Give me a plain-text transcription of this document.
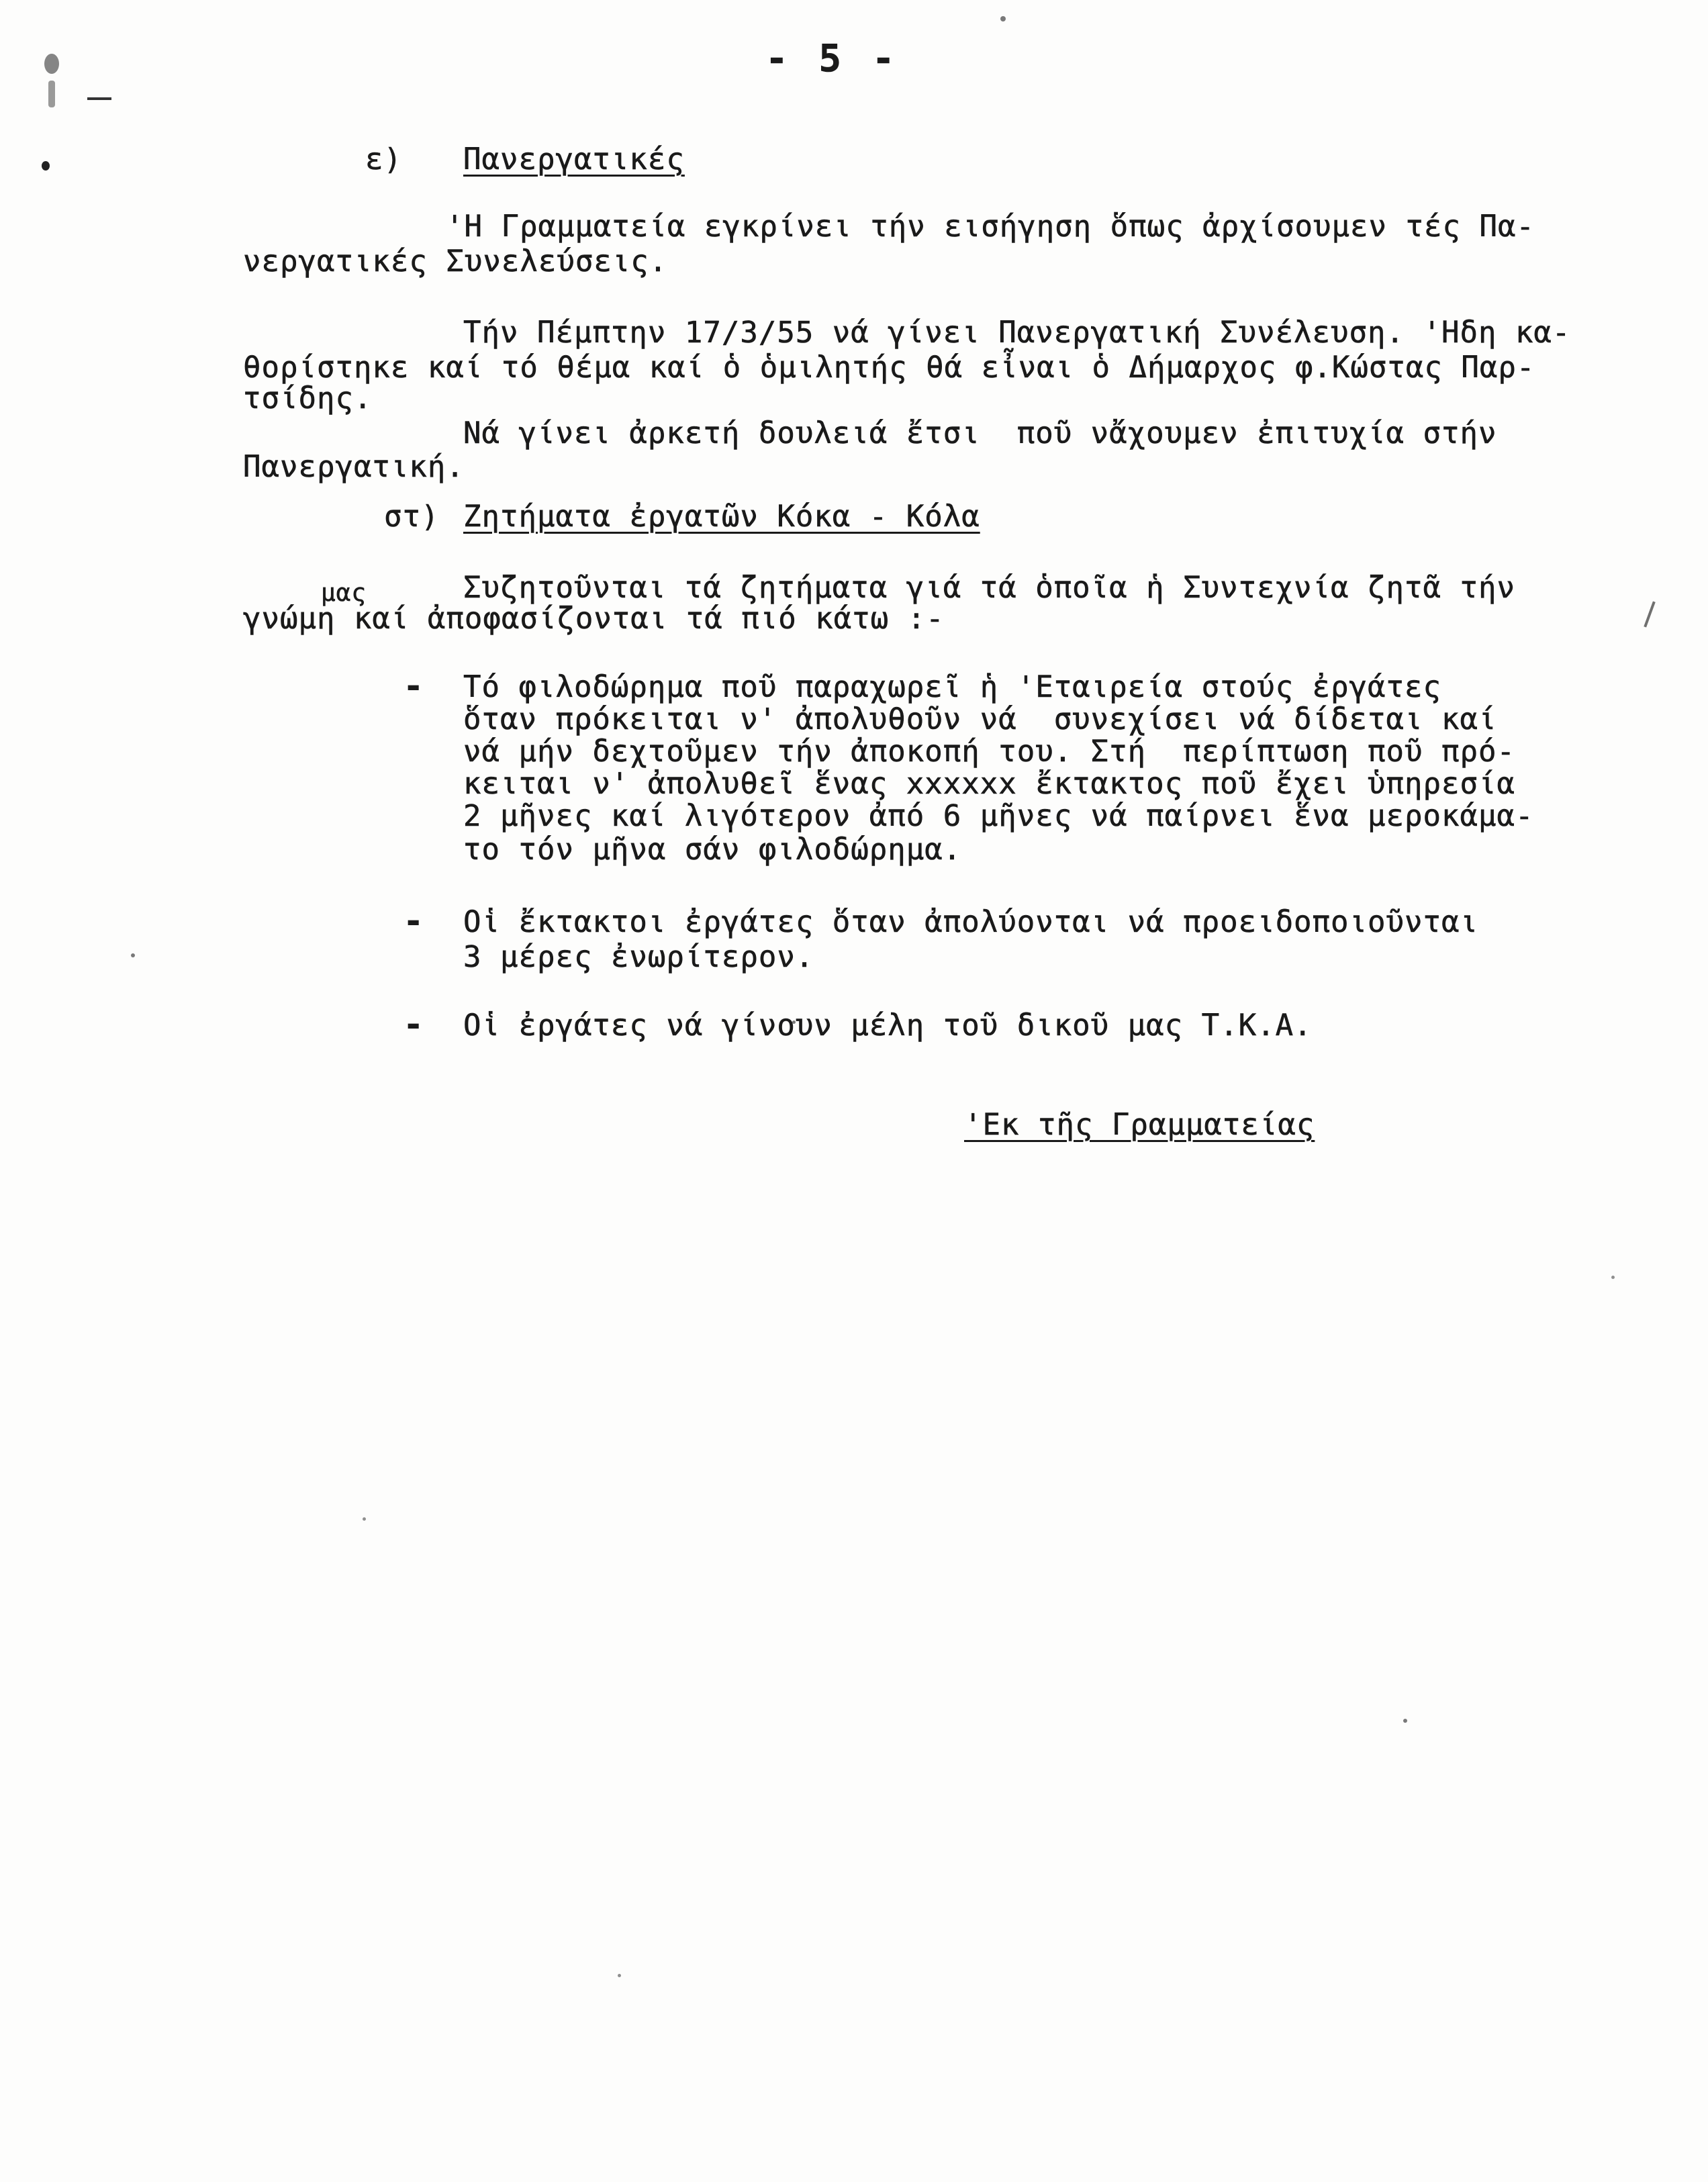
- 5 -
ε) Πανεργατικές
'Η Γραμματεία εγκρίνει τήν εισήγηση ὅπως ἀρχίσουμεν τές Πα-
νεργατικές Συνελεύσεις.
Τήν Πέμπτην 17/3/55 νά γίνει Πανεργατική Συνέλευση. 'Ηδη κα-
θορίστηκε καί τό θέμα καί ὁ ὁμιλητής θά εἶναι ὁ Δήμαρχος φ.Κώστας Παρ-
τσίδης.
Νά γίνει ἀρκετή δουλειά ἔτσι  ποῦ νἄχουμεν ἐπιτυχία στήν
Πανεργατική.
στ) Ζητήματα ἐργατῶν Κόκα - Κόλα
Συζητοῦνται τά ζητήματα γιά τά ὁποῖα ἡ Συντεχνία ζητᾶ τήν
μας
γνώμη καί ἀποφασίζονται τά πιό κάτω :-
- Τό φιλοδώρημα ποῦ παραχωρεῖ ἡ 'Εταιρεία στούς ἐργάτες
ὅταν πρόκειται ν' ἀπολυθοῦν νά  συνεχίσει νά δίδεται καί
νά μήν δεχτοῦμεν τήν ἀποκοπή του. Στή  περίπτωση ποῦ πρό-
κειται ν' ἀπολυθεῖ ἕνας xxxxxx ἔκτακτος ποῦ ἔχει ὑπηρεσία
2 μῆνες καί λιγότερον ἀπό 6 μῆνες νά παίρνει ἕνα μεροκάμα-
το τόν μῆνα σάν φιλοδώρημα.
- Οἱ ἔκτακτοι ἐργάτες ὅταν ἀπολύονται νά προειδοποιοῦνται
3 μέρες ἐνωρίτερον.
- Οἱ ἐργάτες νά γίνουν μέλη τοῦ δικοῦ μας Τ.Κ.Α.
'Εκ τῆς Γραμματείας
